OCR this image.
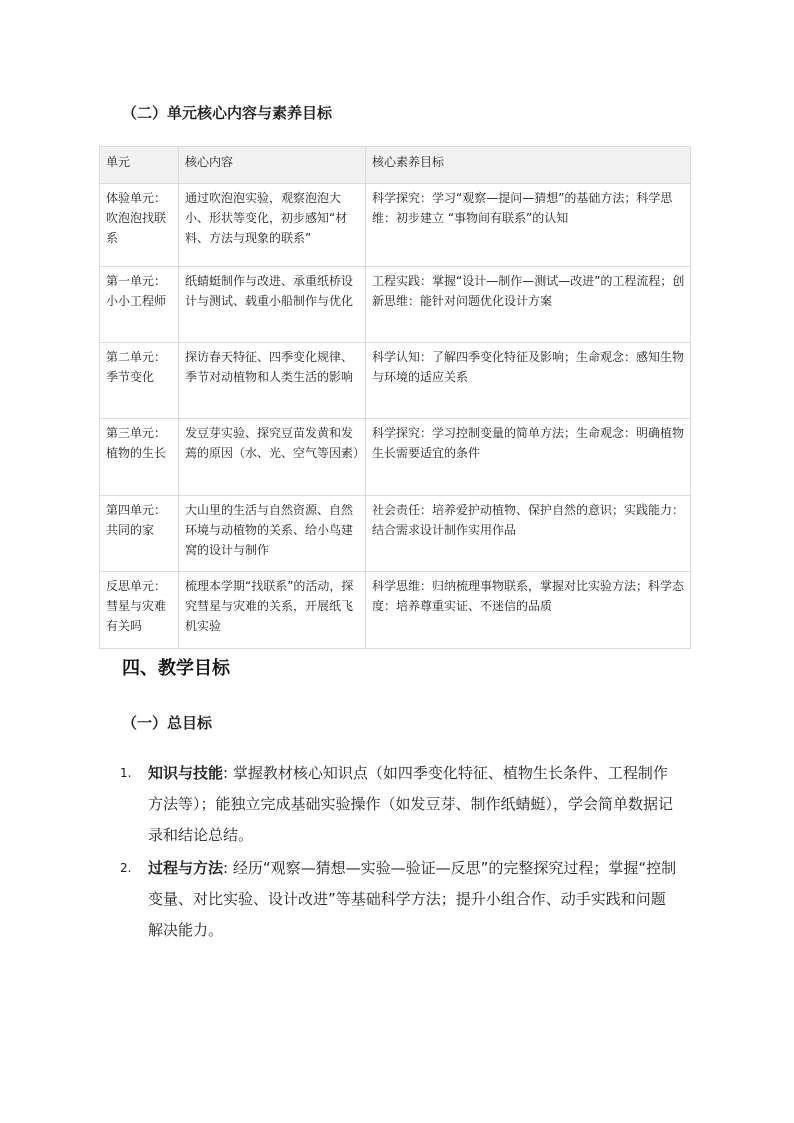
（二）单元核心内容与素养目标
单元	核心内容	核心素养目标
体验单元：吹泡泡找联系	通过吹泡泡实验，观察泡泡大小、形状等变化，初步感知“材料、方法与现象的联系”	科学探究：学习“观察—提问—猜想”的基础方法；科学思维：初步建立 “事物间有联系”的认知
第一单元：小小工程师	纸蜻蜓制作与改进、承重纸桥设计与测试、载重小船制作与优化	工程实践：掌握“设计—制作—测试—改进”的工程流程；创新思维：能针对问题优化设计方案
第二单元：季节变化	探访春天特征、四季变化规律、季节对动植物和人类生活的影响	科学认知：了解四季变化特征及影响；生命观念：感知生物与环境的适应关系
第三单元：植物的生长	发豆芽实验、探究豆苗发黄和发蔫的原因（水、光、空气等因素）	科学探究：学习控制变量的简单方法；生命观念：明确植物生长需要适宜的条件
第四单元：共同的家	大山里的生活与自然资源、自然环境与动植物的关系、给小鸟建窝的设计与制作	社会责任：培养爱护动植物、保护自然的意识；实践能力：结合需求设计制作实用作品
反思单元：彗星与灾难有关吗	梳理本学期“找联系”的活动，探究彗星与灾难的关系，开展纸飞机实验	科学思维：归纳梳理事物联系，掌握对比实验方法；科学态度：培养尊重实证、不迷信的品质
四、教学目标
（一）总目标
1. 知识与技能: 掌握教材核心知识点（如四季变化特征、植物生长条件、工程制作方法等）；能独立完成基础实验操作（如发豆芽、制作纸蜻蜓），学会简单数据记录和结论总结。
2. 过程与方法: 经历“观察—猜想—实验—验证—反思”的完整探究过程；掌握“控制变量、对比实验、设计改进”等基础科学方法；提升小组合作、动手实践和问题解决能力。
